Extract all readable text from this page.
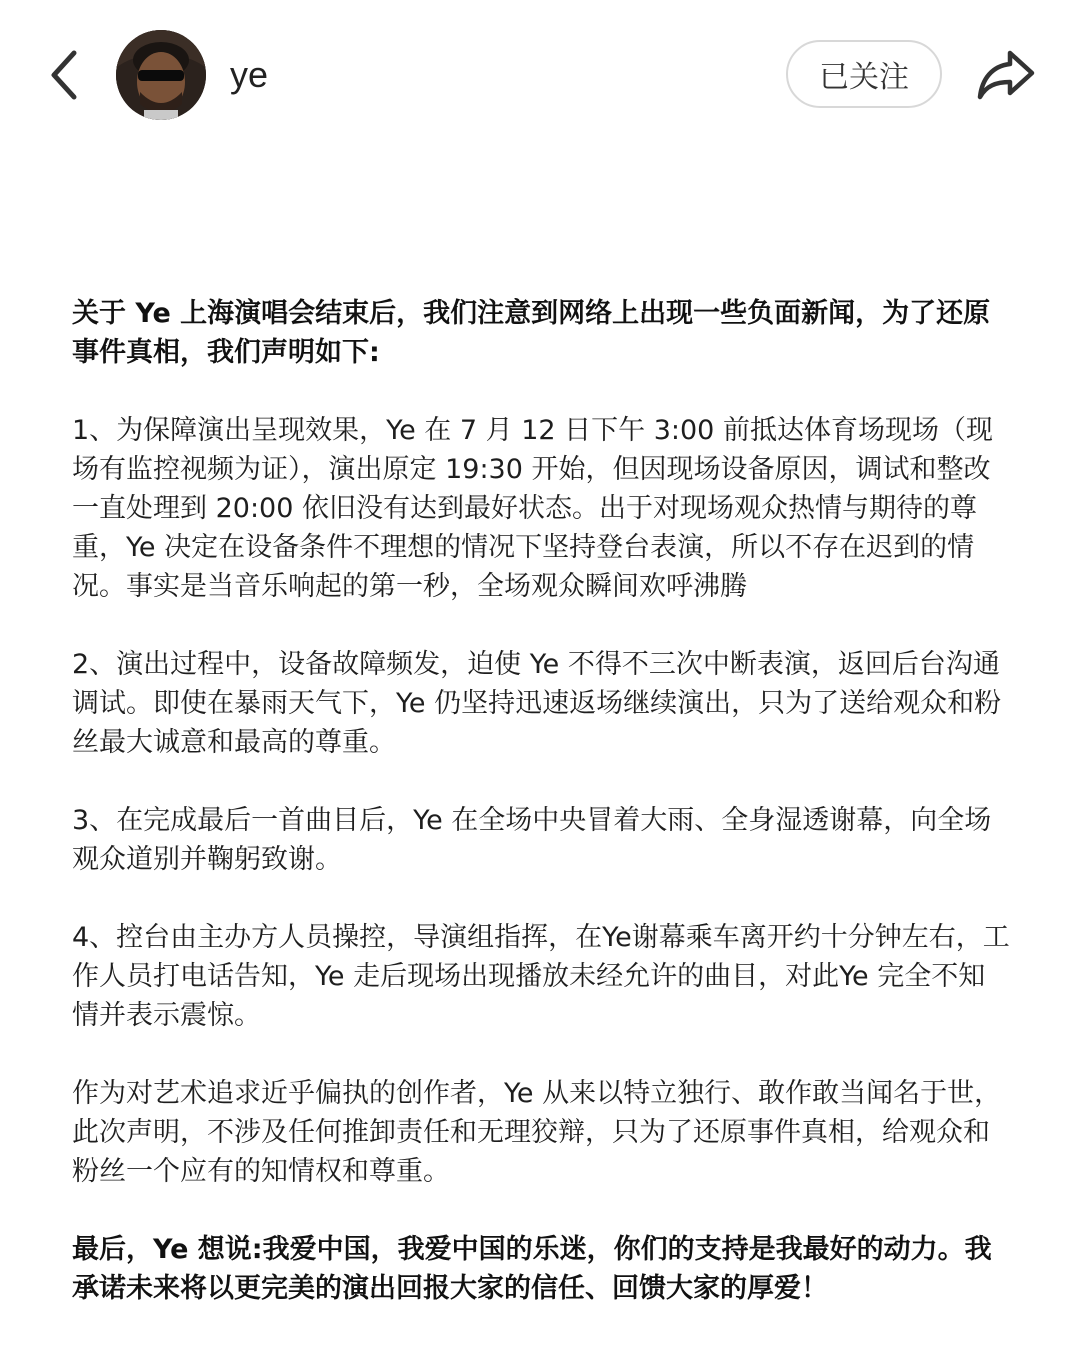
ye	已关注

关于 Ye 上海演唱会结束后，我们注意到网络上出现一些负面新闻，为了还原事件真相，我们声明如下:

1、为保障演出呈现效果，Ye 在 7 月 12 日下午 3:00 前抵达体育场现场（现场有监控视频为证），演出原定 19:30 开始，但因现场设备原因，调试和整改一直处理到 20:00 依旧没有达到最好状态。出于对现场观众热情与期待的尊重，Ye 决定在设备条件不理想的情况下坚持登台表演，所以不存在迟到的情况。事实是当音乐响起的第一秒，全场观众瞬间欢呼沸腾

2、演出过程中，设备故障频发，迫使 Ye 不得不三次中断表演，返回后台沟通调试。即使在暴雨天气下，Ye 仍坚持迅速返场继续演出，只为了送给观众和粉丝最大诚意和最高的尊重。

3、在完成最后一首曲目后，Ye 在全场中央冒着大雨、全身湿透谢幕，向全场观众道别并鞠躬致谢。

4、控台由主办方人员操控，导演组指挥，在Ye谢幕乘车离开约十分钟左右，工作人员打电话告知，Ye 走后现场出现播放未经允许的曲目，对此Ye 完全不知情并表示震惊。

作为对艺术追求近乎偏执的创作者，Ye 从来以特立独行、敢作敢当闻名于世，此次声明，不涉及任何推卸责任和无理狡辩，只为了还原事件真相，给观众和粉丝一个应有的知情权和尊重。

最后，Ye 想说:我爱中国，我爱中国的乐迷，你们的支持是我最好的动力。我承诺未来将以更完美的演出回报大家的信任、回馈大家的厚爱！
